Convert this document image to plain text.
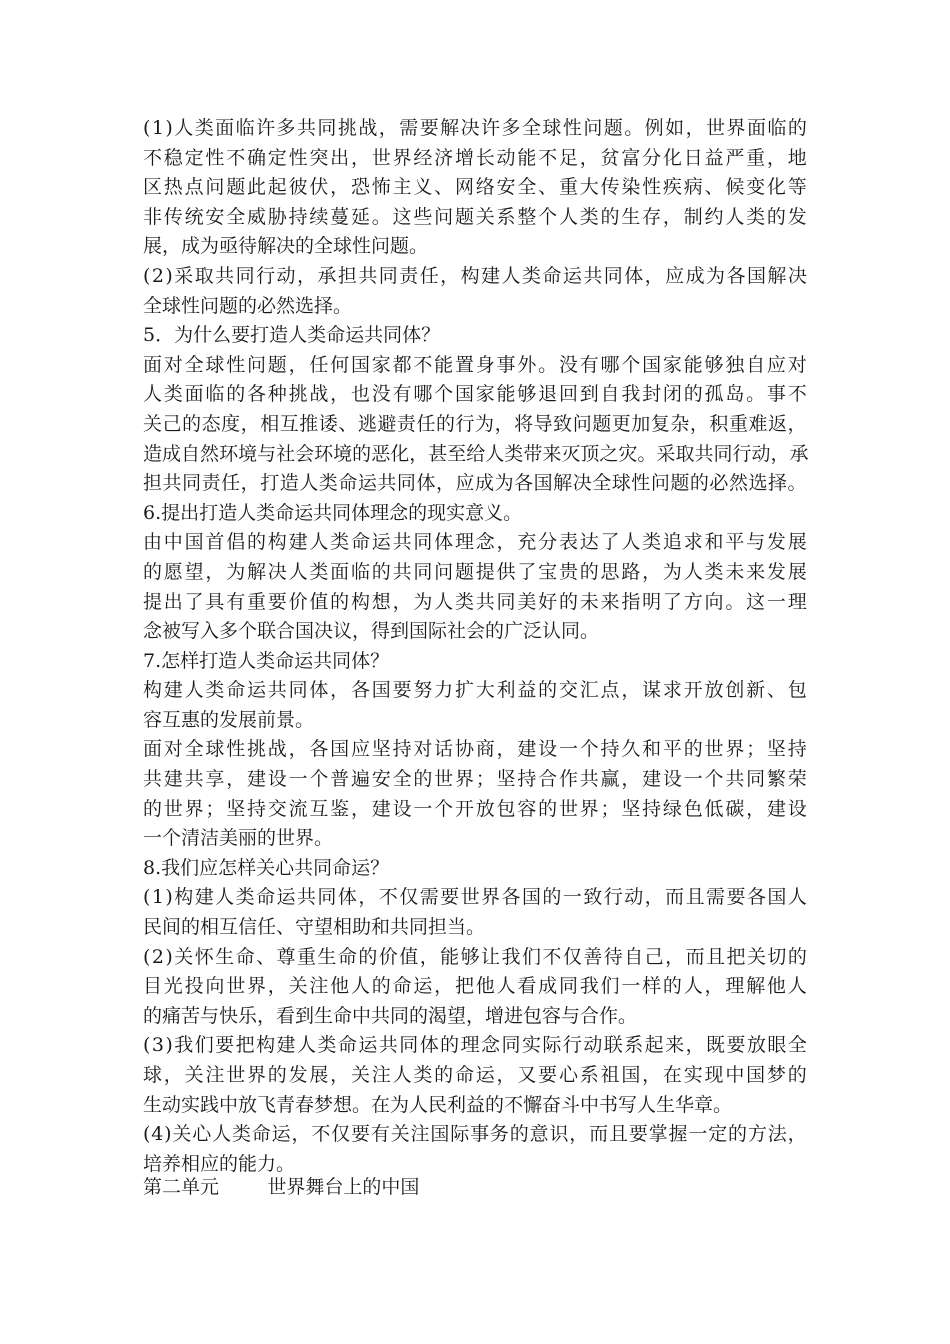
( 1 ) 人 类 面 临 许 多 共 同 挑 战 ， 需 要 解 决 许 多 全 球 性 问 题 。 例 如 ， 世 界 面 临 的
不 稳 定 性 不 确 定 性 突 出 ， 世 界 经 济 增 长 动 能 不 足 ， 贫 富 分 化 日 益 严 重 ， 地
区 热 点 问 题 此 起 彼 伏 ， 恐 怖 主 义 、 网 络 安 全 、 重 大 传 染 性 疾 病 、 候 变 化 等
非 传 统 安 全 威 胁 持 续 蔓 延 。 这 些 问 题 关 系 整 个 人 类 的 生 存 ， 制 约 人 类 的 发
展，成为亟待解决的全球性问题。
( 2 ) 采 取 共 同 行 动 ， 承 担 共 同 责 任 ， 构 建 人 类 命 运 共 同 体 ， 应 成 为 各 国 解 决
全球性问题的必然选择。
5．为什么要打造人类命运共同体？
面 对 全 球 性 问 题 ， 任 何 国 家 都 不 能 置 身 事 外 。 没 有 哪 个 国 家 能 够 独 自 应 对
人 类 面 临 的 各 种 挑 战 ， 也 没 有 哪 个 国 家 能 够 退 回 到 自 我 封 闭 的 孤 岛 。 事 不
关 己 的 态 度 ， 相 互 推 诿 、 逃 避 责 任 的 行 为 ， 将 导 致 问 题 更 加 复 杂 ， 积 重 难 返 ，
造 成 自 然 环 境 与 社 会 环 境 的 恶 化 ， 甚 至 给 人 类 带 来 灭 顶 之 灾 。 采 取 共 同 行 动 ， 承
担 共 同 责 任 ， 打 造 人 类 命 运 共 同 体 ， 应 成 为 各 国 解 决 全 球 性 问 题 的 必 然 选 择 。
6.提出打造人类命运共同体理念的现实意义。
由 中 国 首 倡 的 构 建 人 类 命 运 共 同 体 理 念 ， 充 分 表 达 了 人 类 追 求 和 平 与 发 展
的 愿 望 ， 为 解 决 人 类 面 临 的 共 同 问 题 提 供 了 宝 贵 的 思 路 ， 为 人 类 未 来 发 展
提 出 了 具 有 重 要 价 值 的 构 想 ， 为 人 类 共 同 美 好 的 未 来 指 明 了 方 向 。 这 一 理
念被写入多个联合国决议，得到国际社会的广泛认同。
7.怎样打造人类命运共同体？
构 建 人 类 命 运 共 同 体 ， 各 国 要 努 力 扩 大 利 益 的 交 汇 点 ， 谋 求 开 放 创 新 、 包
容互惠的发展前景。
面 对 全 球 性 挑 战 ， 各 国 应 坚 持 对 话 协 商 ， 建 设 一 个 持 久 和 平 的 世 界 ； 坚 持
共 建 共 享 ， 建 设 一 个 普 遍 安 全 的 世 界 ； 坚 持 合 作 共 赢 ， 建 设 一 个 共 同 繁 荣
的 世 界 ； 坚 持 交 流 互 鉴 ， 建 设 一 个 开 放 包 容 的 世 界 ； 坚 持 绿 色 低 碳 ， 建 设
一个清洁美丽的世界。
8.我们应怎样关心共同命运？
( 1 ) 构 建 人 类 命 运 共 同 体 ， 不 仅 需 要 世 界 各 国 的 一 致 行 动 ， 而 且 需 要 各 国 人
民间的相互信任、守望相助和共同担当。
( 2 ) 关 怀 生 命 、 尊 重 生 命 的 价 值 ， 能 够 让 我 们 不 仅 善 待 自 己 ， 而 且 把 关 切 的
目 光 投 向 世 界 ， 关 注 他 人 的 命 运 ， 把 他 人 看 成 同 我 们 一 样 的 人 ， 理 解 他 人
的痛苦与快乐，看到生命中共同的渴望，增进包容与合作。
( 3 ) 我 们 要 把 构 建 人 类 命 运 共 同 体 的 理 念 同 实 际 行 动 联 系 起 来 ， 既 要 放 眼 全
球 ， 关 注 世 界 的 发 展 ， 关 注 人 类 的 命 运 ， 又 要 心 系 祖 国 ， 在 实 现 中 国 梦 的
生动实践中放飞青春梦想。在为人民利益的不懈奋斗中书写人生华章。
( 4 ) 关 心 人 类 命 运 ， 不 仅 要 有 关 注 国 际 事 务 的 意 识 ， 而 且 要 掌 握 一 定 的 方 法 ，
培养相应的能力。
第二单元        世界舞台上的中国
